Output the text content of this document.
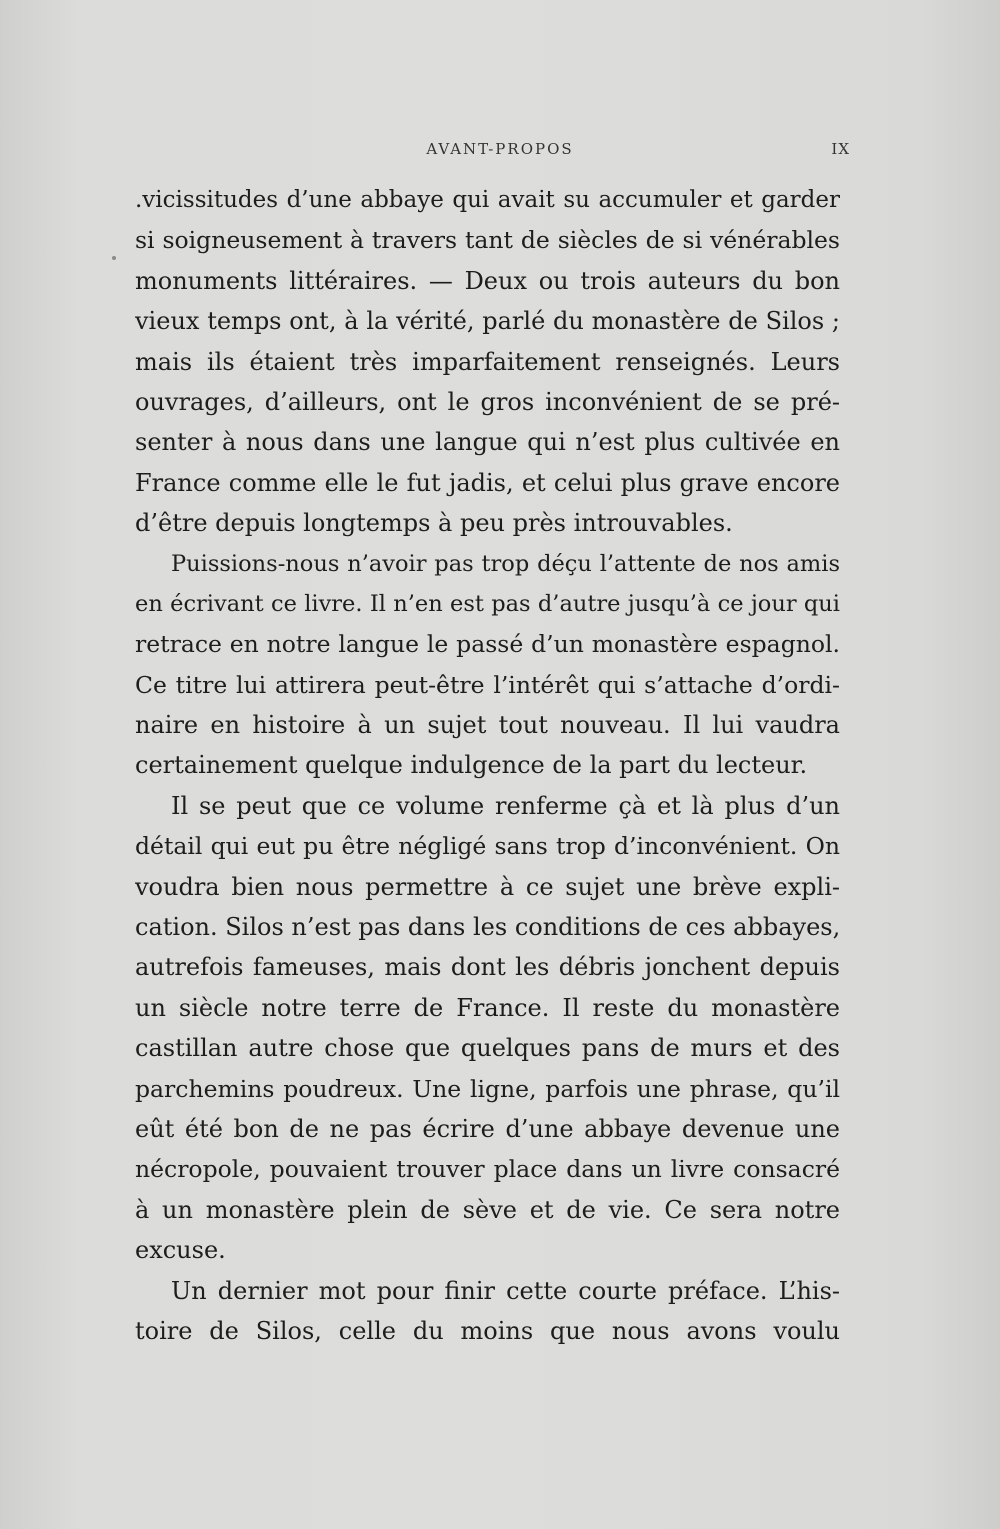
AVANT-PROPOS	IX
.vicissitudes d’une abbaye qui avait su accumuler et garder
si soigneusement à travers tant de siècles de si vénérables
monuments littéraires. — Deux ou trois auteurs du bon
vieux temps ont, à la vérité, parlé du monastère de Silos ;
mais ils étaient très imparfaitement renseignés. Leurs
ouvrages, d’ailleurs, ont le gros inconvénient de se pré-
senter à nous dans une langue qui n’est plus cultivée en
France comme elle le fut jadis, et celui plus grave encore
d’être depuis longtemps à peu près introuvables.
Puissions-nous n’avoir pas trop déçu l’attente de nos amis
en écrivant ce livre. Il n’en est pas d’autre jusqu’à ce jour qui
retrace en notre langue le passé d’un monastère espagnol.
Ce titre lui attirera peut-être l’intérêt qui s’attache d’ordi-
naire en histoire à un sujet tout nouveau. Il lui vaudra
certainement quelque indulgence de la part du lecteur.
Il se peut que ce volume renferme çà et là plus d’un
détail qui eut pu être négligé sans trop d’inconvénient. On
voudra bien nous permettre à ce sujet une brève expli-
cation. Silos n’est pas dans les conditions de ces abbayes,
autrefois fameuses, mais dont les débris jonchent depuis
un siècle notre terre de France. Il reste du monastère
castillan autre chose que quelques pans de murs et des
parchemins poudreux. Une ligne, parfois une phrase, qu’il
eût été bon de ne pas écrire d’une abbaye devenue une
nécropole, pouvaient trouver place dans un livre consacré
à un monastère plein de sève et de vie. Ce sera notre
excuse.
Un dernier mot pour finir cette courte préface. L’his-
toire de Silos, celle du moins que nous avons voulu
